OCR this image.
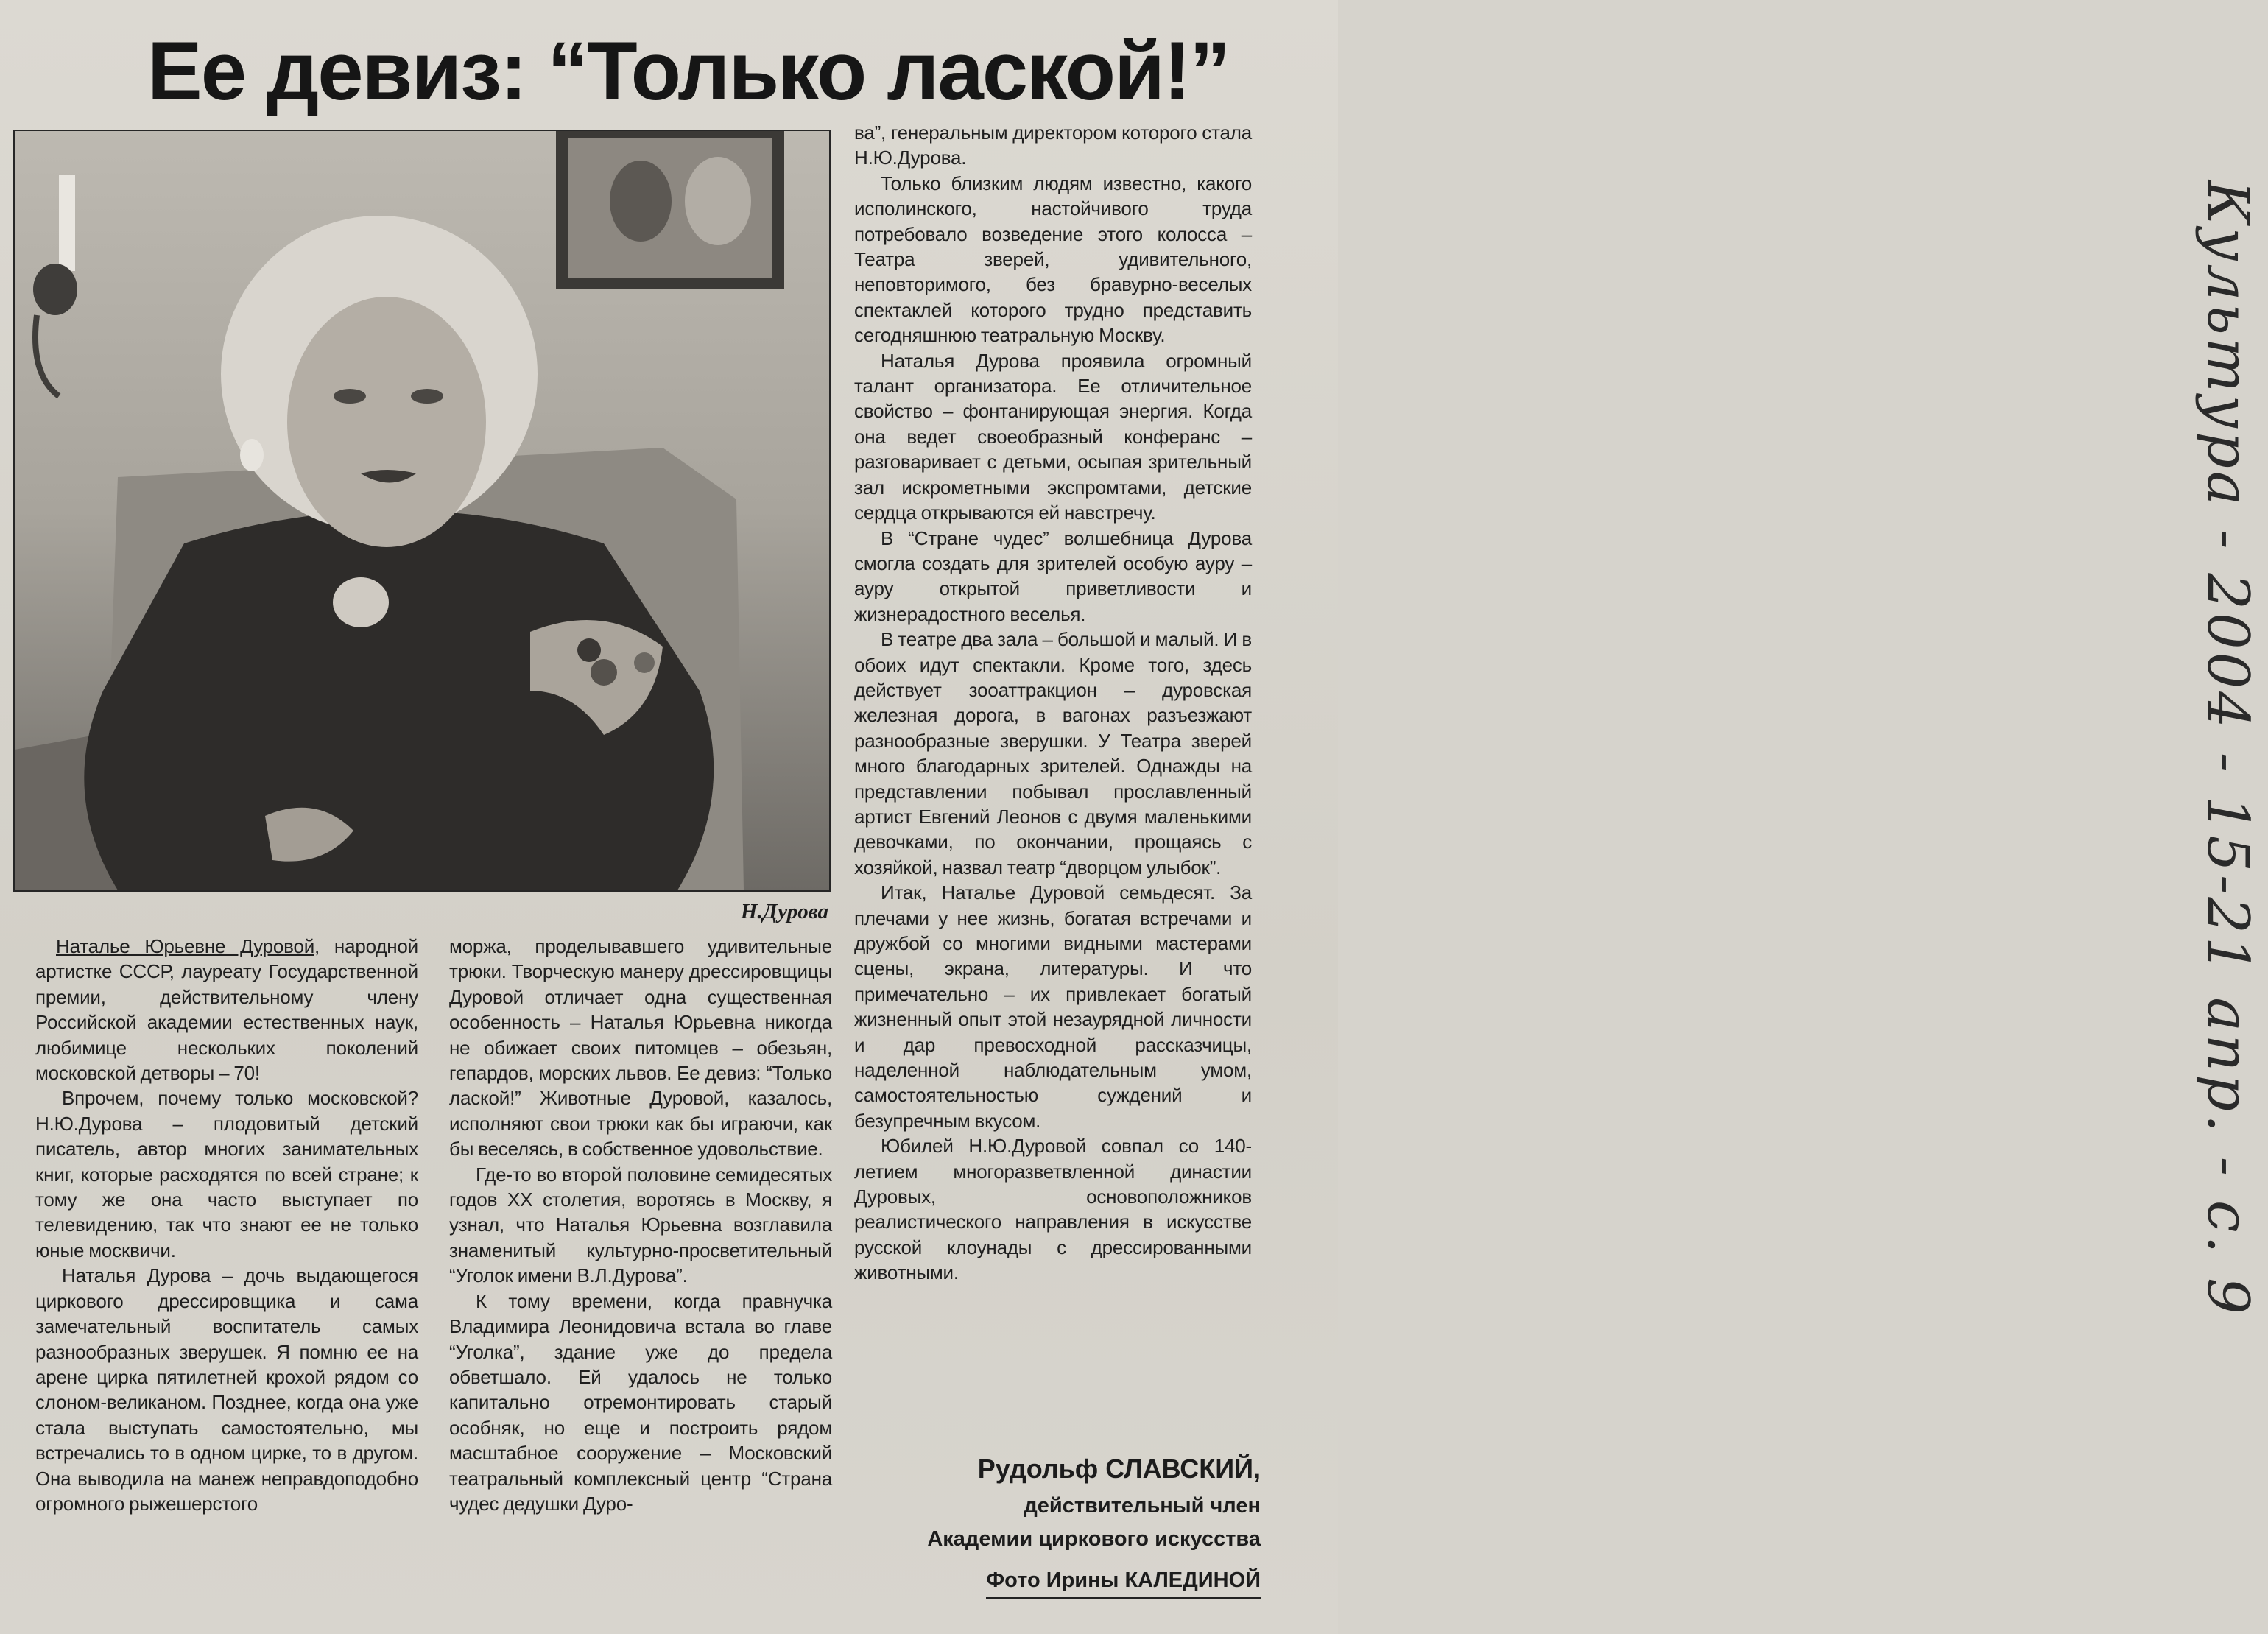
Ее девиз: “Только лаской!”
Н.Дурова

Наталье Юрьевне Дуровой, народной артистке СССР, лауреату Государственной премии, действительному члену Российской академии естественных наук, любимице нескольких поколений московской детворы – 70!

Впрочем, почему только московской? Н.Ю.Дурова – плодовитый детский писатель, автор многих занимательных книг, которые расходятся по всей стране; к тому же она часто выступает по телевидению, так что знают ее не только юные москвичи.

Наталья Дурова – дочь выдающегося циркового дрессировщика и сама замечательный воспитатель самых разнообразных зверушек. Я помню ее на арене цирка пятилетней крохой рядом со слоном-великаном. Позднее, когда она уже стала выступать самостоятельно, мы встречались то в одном цирке, то в другом. Она выводила на манеж неправдоподобно огромного рыжешерстого

моржа, проделывавшего удивительные трюки. Творческую манеру дрессировщицы Дуровой отличает одна существенная особенность – Наталья Юрьевна никогда не обижает своих питомцев – обезьян, гепардов, морских львов. Ее девиз: “Только лаской!” Животные Дуровой, казалось, исполняют свои трюки как бы играючи, как бы веселясь, в собственное удовольствие.

Где-то во второй половине семидесятых годов XX столетия, воротясь в Москву, я узнал, что Наталья Юрьевна возглавила знаменитый культурно-просветительный “Уголок имени В.Л.Дурова”.

К тому времени, когда правнучка Владимира Леонидовича встала во главе “Уголка”, здание уже до предела обветшало. Ей удалось не только капитально отремонтировать старый особняк, но еще и построить рядом масштабное сооружение – Московский театральный комплексный центр “Страна чудес дедушки Дуро-

ва”, генеральным директором которого стала Н.Ю.Дурова.

Только близким людям известно, какого исполинского, настойчивого труда потребовало возведение этого колосса – Театра зверей, удивительного, неповторимого, без бравурно-веселых спектаклей которого трудно представить сегодняшнюю театральную Москву.

Наталья Дурова проявила огромный талант организатора. Ее отличительное свойство – фонтанирующая энергия. Когда она ведет своеобразный конферанс – разговаривает с детьми, осыпая зрительный зал искрометными экспромтами, детские сердца открываются ей навстречу.

В “Стране чудес” волшебница Дурова смогла создать для зрителей особую ауру – ауру открытой приветливости и жизнерадостного веселья.

В театре два зала – большой и малый. И в обоих идут спектакли. Кроме того, здесь действует зооаттракцион – дуровская железная дорога, в вагонах разъезжают разнообразные зверушки. У Театра зверей много благодарных зрителей. Однажды на представлении побывал прославленный артист Евгений Леонов с двумя маленькими девочками, по окончании, прощаясь с хозяйкой, назвал театр “дворцом улыбок”.

Итак, Наталье Дуровой семьдесят. За плечами у нее жизнь, богатая встречами и дружбой со многими видными мастерами сцены, экрана, литературы. И что примечательно – их привлекает богатый жизненный опыт этой незаурядной личности и дар превосходной рассказчицы, наделенной наблюдательным умом, самостоятельностью суждений и безупречным вкусом.

Юбилей Н.Ю.Дуровой совпал со 140-летием многоразветвленной династии Дуровых, основоположников реалистического направления в искусстве русской клоунады с дрессированными животными.

Рудольф СЛАВСКИЙ,
действительный член
Академии циркового искусства
Фото Ирины КАЛЕДИНОЙ
Культура - 2004 - 15-21 апр. - с. 9
